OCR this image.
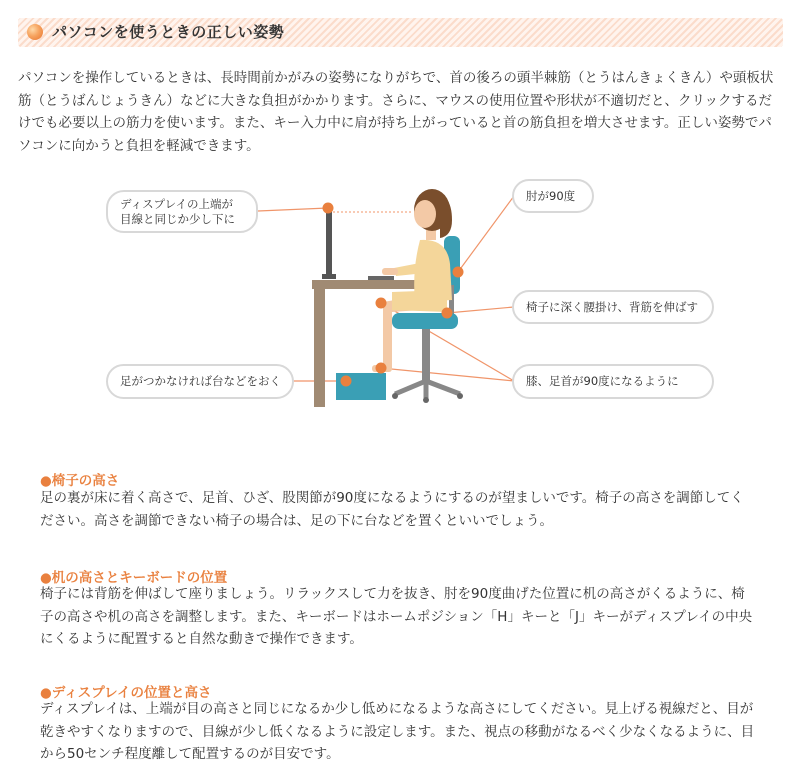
パソコンを使うときの正しい姿勢
パソコンを操作しているときは、長時間前かがみの姿勢になりがちで、首の後ろの頭半棘筋（とうはんきょくきん）や頭板状筋（とうばんじょうきん）などに大きな負担がかかります。さらに、マウスの使用位置や形状が不適切だと、クリックするだけでも必要以上の筋力を使います。また、キー入力中に肩が持ち上がっていると首の筋負担を増大させます。正しい姿勢でパソコンに向かうと負担を軽減できます。
ディスプレイの上端が
目線と同じか少し下に
肘が90度
椅子に深く腰掛け、背筋を伸ばす
足がつかなければ台などをおく	膝、足首が90度になるように
●椅子の高さ
足の裏が床に着く高さで、足首、ひざ、股関節が90度になるようにするのが望ましいです。椅子の高さを調節してください。高さを調節できない椅子の場合は、足の下に台などを置くといいでしょう。
●机の高さとキーボードの位置
椅子には背筋を伸ばして座りましょう。リラックスして力を抜き、肘を90度曲げた位置に机の高さがくるように、椅子の高さや机の高さを調整します。また、キーボードはホームポジション「H」キーと「J」キーがディスプレイの中央にくるように配置すると自然な動きで操作できます。
●ディスプレイの位置と高さ
ディスプレイは、上端が目の高さと同じになるか少し低めになるような高さにしてください。見上げる視線だと、目が乾きやすくなりますので、目線が少し低くなるように設定します。また、視点の移動がなるべく少なくなるように、目から50センチ程度離して配置するのが目安です。
